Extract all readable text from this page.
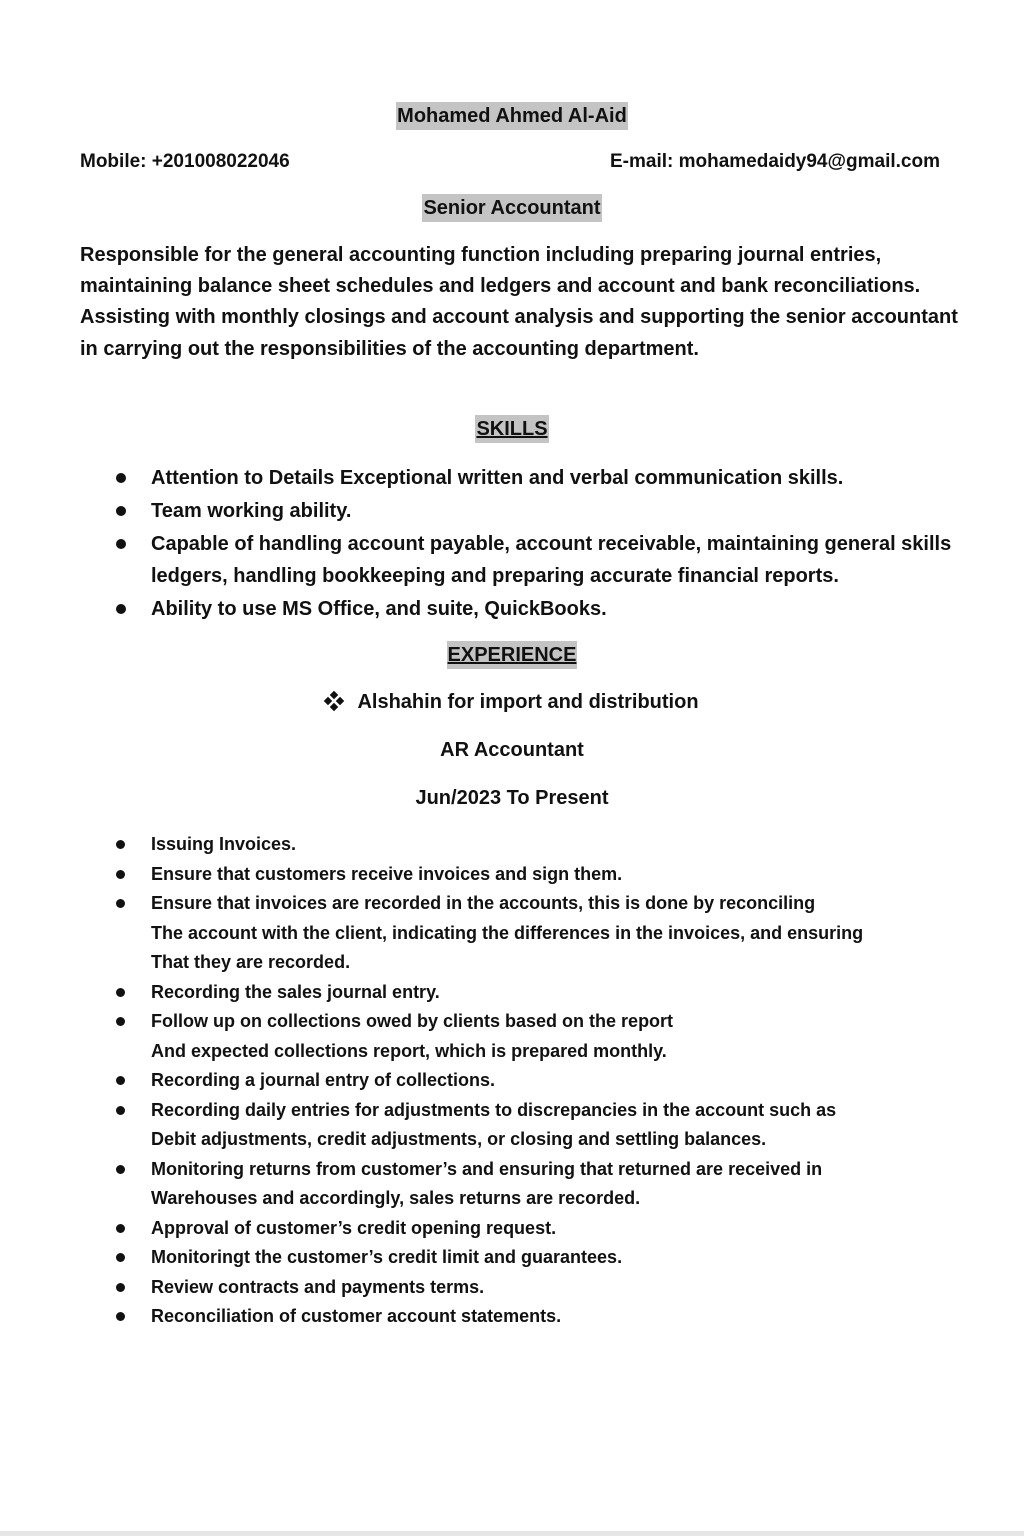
Mohamed Ahmed Al-Aid
Mobile: +201008022046	E-mail: mohamedaidy94@gmail.com
Senior Accountant

Responsible for the general accounting function including preparing journal entries, maintaining balance sheet schedules and ledgers and account and bank reconciliations. Assisting with monthly closings and account analysis and supporting the senior accountant in carrying out the responsibilities of the accounting department.

SKILLS
Attention to Details Exceptional written and verbal communication skills.
Team working ability.
Capable of handling account payable, account receivable, maintaining general skills ledgers, handling bookkeeping and preparing accurate financial reports.
Ability to use MS Office, and suite, QuickBooks.
EXPERIENCE
Alshahin for import and distribution
AR Accountant
Jun/2023 To Present
Issuing Invoices.
Ensure that customers receive invoices and sign them.
Ensure that invoices are recorded in the accounts, this is done by reconciling
The account with the client, indicating the differences in the invoices, and ensuring
That they are recorded.
Recording the sales journal entry.
Follow up on collections owed by clients based on the report
And expected collections report, which is prepared monthly.
Recording a journal entry of collections.
Recording daily entries for adjustments to discrepancies in the account such as
Debit adjustments, credit adjustments, or closing and settling balances.
Monitoring returns from customer’s and ensuring that returned are received in
Warehouses and accordingly, sales returns are recorded.
Approval of customer’s credit opening request.
Monitoringt the customer’s credit limit and guarantees.
Review contracts and payments terms.
Reconciliation of customer account statements.
